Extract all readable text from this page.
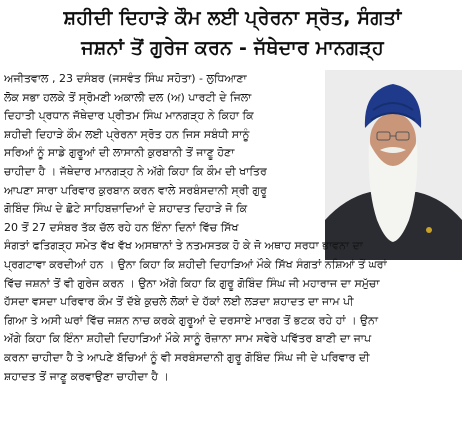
ਸ਼ਹੀਦੀ ਦਿਹਾੜੇ ਕੌਮ ਲਈ ਪ੍ਰੇਰਨਾ ਸ੍ਰੋਤ, ਸੰਗਤਾਂ
ਜਸ਼ਨਾਂ ਤੋਂ ਗੁਰੇਜ ਕਰਨ - ਜੱਥੇਦਾਰ ਮਾਨਗੜ੍ਹ
ਅਜੀਤਵਾਲ , 23 ਦਸੰਬਰ (ਜਸਵੰਤ ਸਿੰਘ ਸਹੋਤਾ) - ਲੁਧਿਆਣਾ
ਲੋਕ ਸਭਾ ਹਲਕੇ ਤੋਂ ਸ੍ਰੋਮਣੀ ਅਕਾਲੀ ਦਲ (ਅ) ਪਾਰਟੀ ਦੇ ਜਿਲਾ
ਦਿਹਾਤੀ ਪ੍ਰਧਾਨ ਜੱਥੇਦਾਰ ਪ੍ਰੀਤਮ ਸਿੰਘ ਮਾਨਗੜ੍ਹ ਨੇ ਕਿਹਾ ਕਿ
ਸ਼ਹੀਦੀ ਦਿਹਾੜੇ ਕੌਮ ਲਈ ਪ੍ਰੇਰਨਾ ਸ੍ਰੋਤ ਹਨ ਜਿਸ ਸਬੰਧੀ ਸਾਨੂੰ
ਸਰਿਆਂ ਨੂੰ ਸਾਡੇ ਗੁਰੂਆਂ ਦੀ ਲਾਸਾਨੀ ਕੁਰਬਾਨੀ ਤੋਂ ਜਾਣੂ ਹੋਣਾ
ਚਾਹੀਦਾ ਹੈ । ਜੱਥੇਦਾਰ ਮਾਨਗੜ੍ਹ ਨੇ ਅੱਗੇ ਕਿਹਾ ਕਿ ਕੌਮ ਦੀ ਖਾਤਿਰ
ਆਪਣਾ ਸਾਰਾ ਪਰਿਵਾਰ ਕੁਰਬਾਨ ਕਰਨ ਵਾਲੇ ਸਰਬੰਸਦਾਨੀ ਸ੍ਰੀ ਗੁਰੂ
ਗੋਬਿੰਦ ਸਿੰਘ ਦੇ ਛੋਟੇ ਸਾਹਿਬਜ਼ਾਦਿਆਂ ਦੇ ਸ਼ਹਾਦਤ ਦਿਹਾੜੇ ਜੋ ਕਿ
20 ਤੋਂ 27 ਦਸੰਬਰ ਤੱਕ ਚੱਲ ਰਹੇ ਹਨ ਇੰਨਾ ਦਿਨਾਂ ਵਿੱਚ ਸਿੱਖ
ਸੰਗਤਾਂ ਫਤਿਗੜ੍ਹ ਸਮੇਤ ਵੱਖ ਵੱਖ ਅਸਥਾਨਾਂ ਤੇ ਨਤਮਸਤਕ ਹੋ ਕੇ ਜੋ ਅਥਾਹ ਸਰਧਾ ਭਾਵਨਾ ਦਾ
ਪ੍ਰਗਟਾਵਾ ਕਰਦੀਆਂ ਹਨ । ਉਨਾ ਕਿਹਾ ਕਿ ਸ਼ਹੀਦੀ ਦਿਹਾੜਿਆਂ ਮੌਕੇ ਸਿੱਖ ਸੰਗਤਾਂ ਨਸ਼ਿਆਂ ਤੋਂ ਘਰਾਂ
ਵਿੱਚ ਜਸ਼ਨਾਂ ਤੋਂ ਵੀ ਗੁਰੇਜ ਕਰਨ । ਉਨਾ ਅੱਗੇ ਕਿਹਾ ਕਿ ਗੁਰੂ ਗੋਬਿੰਦ ਸਿੰਘ ਜੀ ਮਹਾਰਾਜ ਦਾ ਸਮੁੱਚਾ
ਹੱਸਦਾ ਵਸਦਾ ਪਰਿਵਾਰ ਕੌਮ ਤੋਂ ਦੱਬੇ ਕੁਚਲੇ ਲੋਕਾਂ ਦੇ ਹੱਕਾਂ ਲਈ ਲੜਦਾ ਸ਼ਹਾਦਤ ਦਾ ਜਾਮ ਪੀ
ਗਿਆ ਤੇ ਅਸੀ ਘਰਾਂ ਵਿੱਚ ਜਸ਼ਨ ਨਾਚ ਕਰਕੇ ਗੁਰੂਆਂ ਦੇ ਦਰਸਾਏ ਮਾਰਗ ਤੋਂ ਭਟਕ ਰਹੇ ਹਾਂ । ਉਨਾ
ਅੱਗੇ ਕਿਹਾ ਕਿ ਇੰਨਾ ਸ਼ਹੀਦੀ ਦਿਹਾੜਿਆਂ ਮੌਕੇ ਸਾਨੂੰ ਰੋਜ਼ਾਨਾ ਸਾਮ ਸਵੇਰੇ ਪਵਿੱਤਰ ਬਾਣੀ ਦਾ ਜਾਪ
ਕਰਨਾ ਚਾਹੀਦਾ ਹੈ ਤੇ ਆਪਣੇ ਬੱਚਿਆਂ ਨੂੰ ਵੀ ਸਰਬੰਸਦਾਨੀ ਗੁਰੂ ਗੋਬਿੰਦ ਸਿੰਘ ਜੀ ਦੇ ਪਰਿਵਾਰ ਦੀ
ਸ਼ਹਾਦਤ ਤੋਂ ਜਾਣੂ ਕਰਵਾਉਣਾ ਚਾਹੀਦਾ ਹੈ ।
